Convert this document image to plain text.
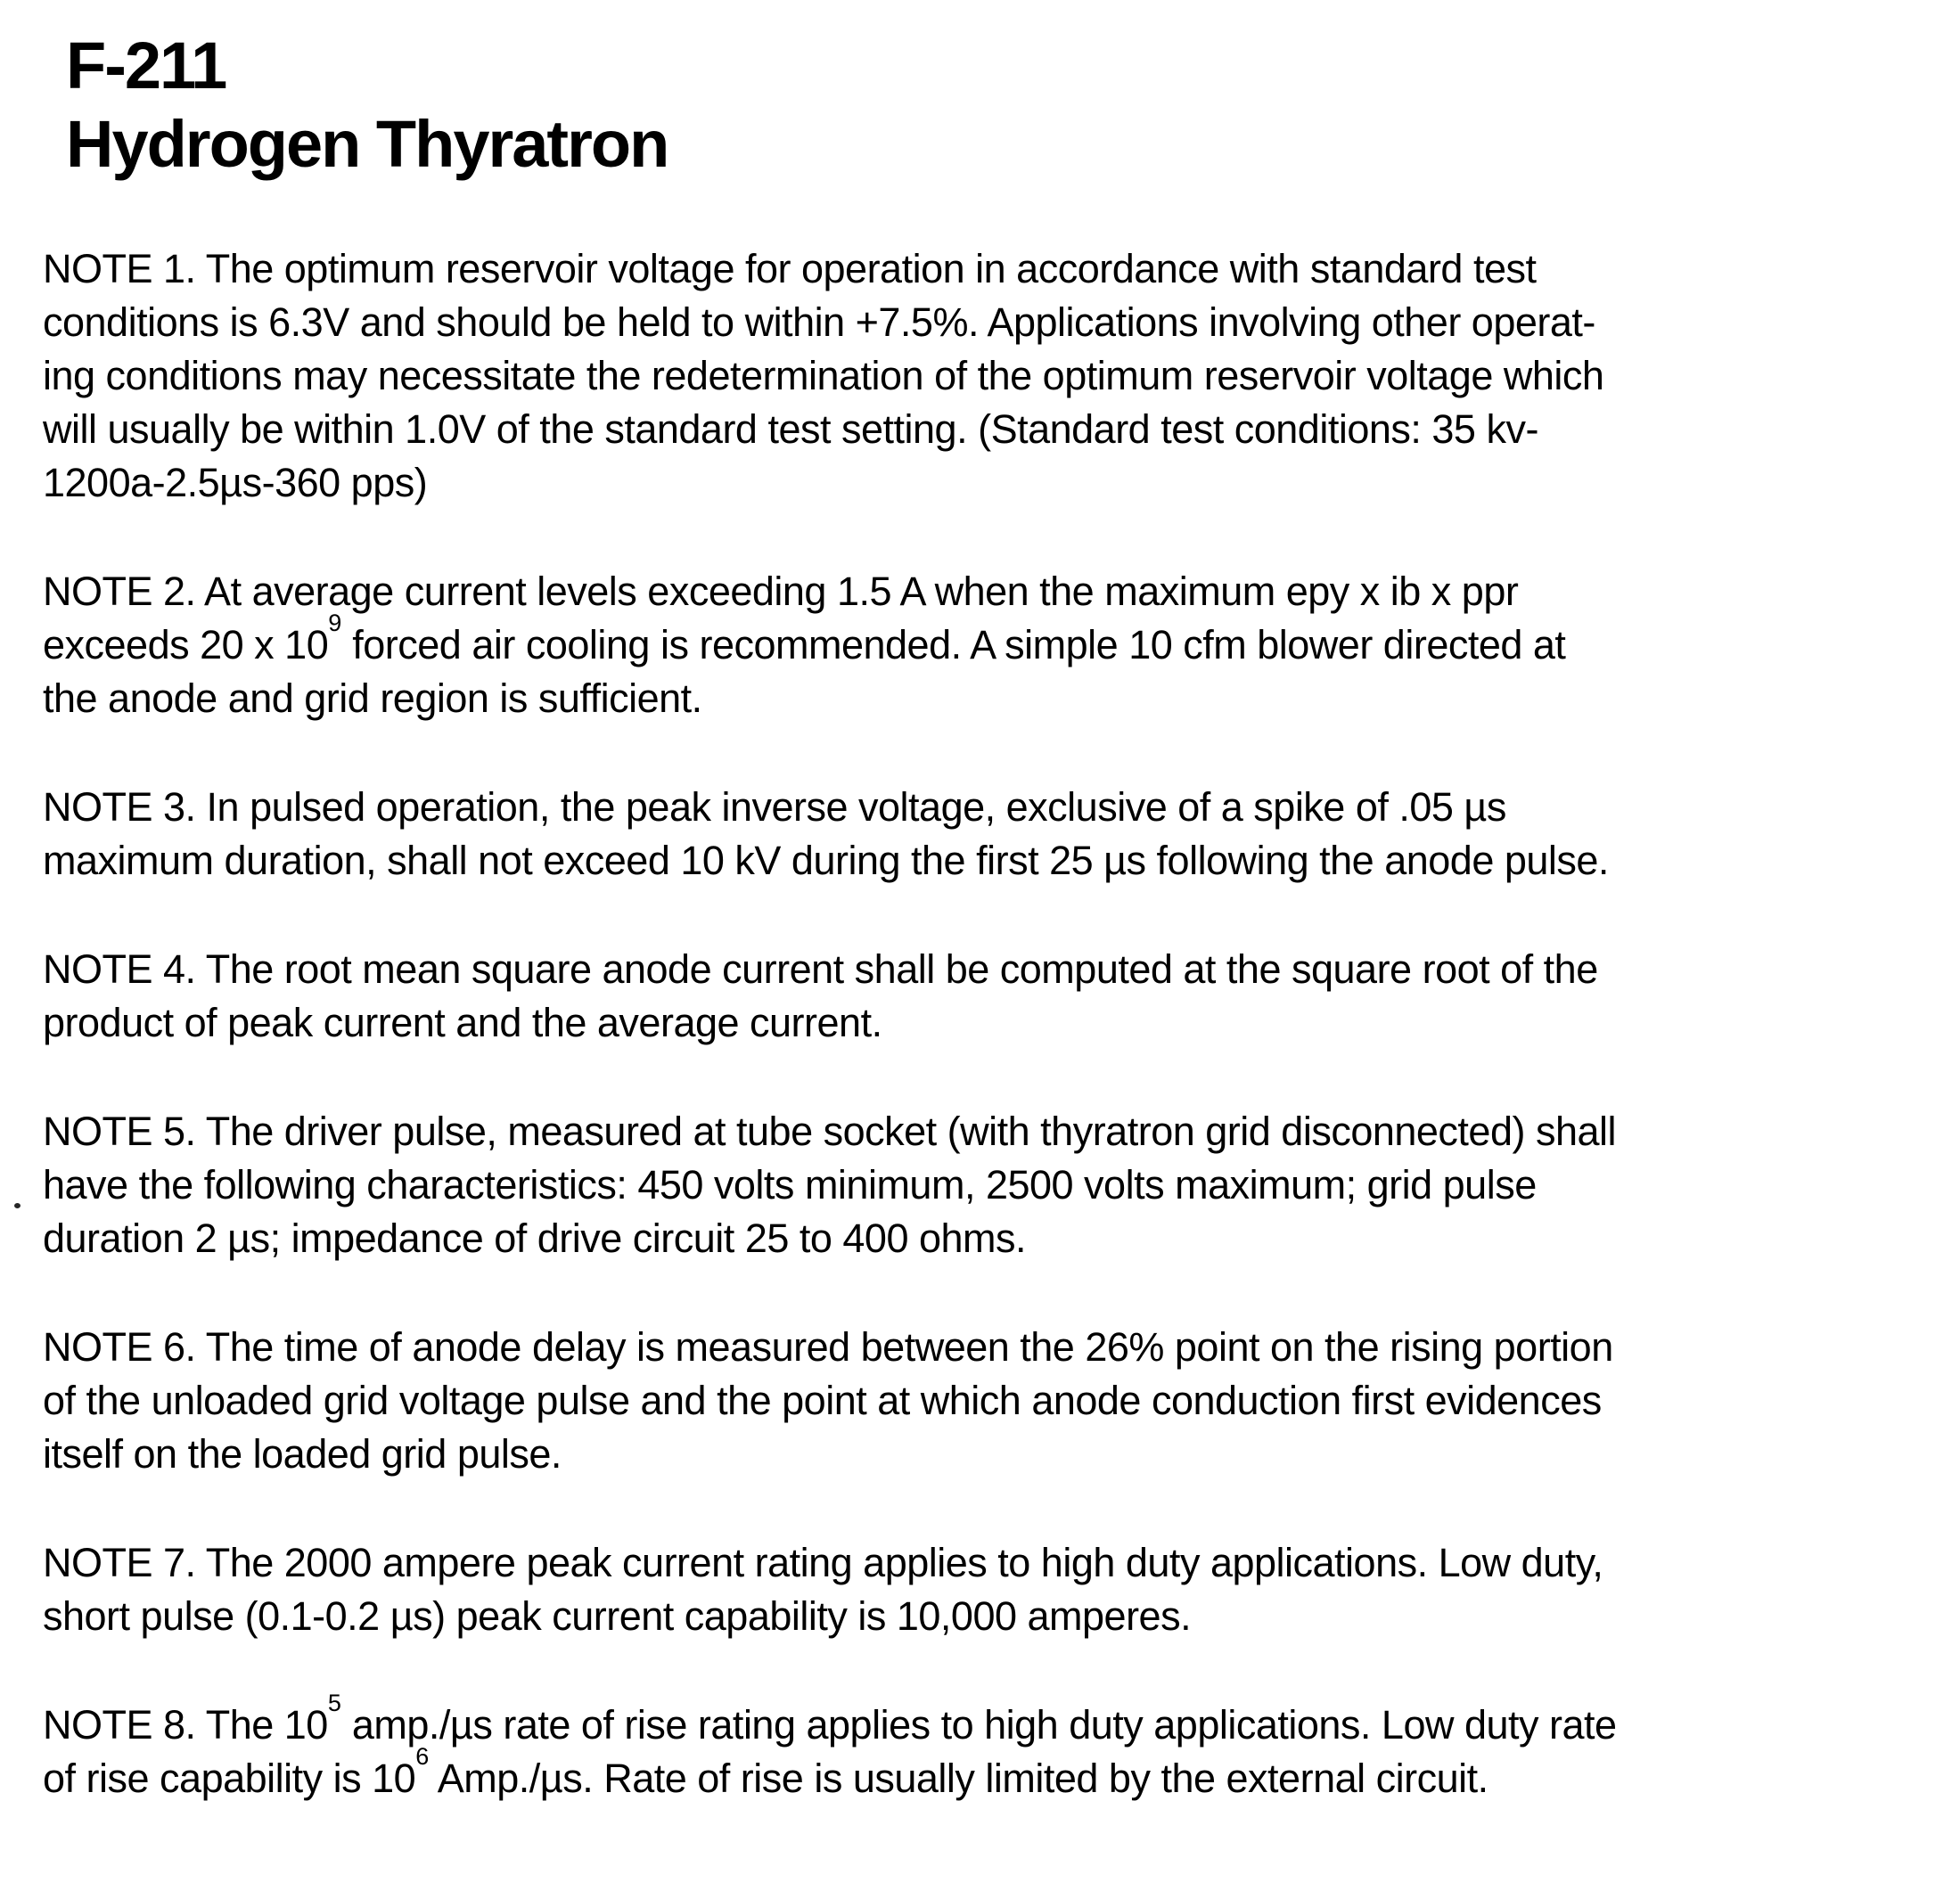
F-211
Hydrogen Thyratron

NOTE 1. The optimum reservoir voltage for operation in accordance with standard test
conditions is 6.3V and should be held to within +7.5%. Applications involving other operat-
ing conditions may necessitate the redetermination of the optimum reservoir voltage which
will usually be within 1.0V of the standard test setting. (Standard test conditions: 35 kv-
1200a-2.5µs-360 pps)

NOTE 2. At average current levels exceeding 1.5 A when the maximum epy x ib x ppr
exceeds 20 x $10^9$ forced air cooling is recommended. A simple 10 cfm blower directed at
the anode and grid region is sufficient.

NOTE 3. In pulsed operation, the peak inverse voltage, exclusive of a spike of .05 µs
maximum duration, shall not exceed 10 kV during the first 25 µs following the anode pulse.

NOTE 4. The root mean square anode current shall be computed at the square root of the
product of peak current and the average current.

NOTE 5. The driver pulse, measured at tube socket (with thyratron grid disconnected) shall
have the following characteristics: 450 volts minimum, 2500 volts maximum; grid pulse
duration 2 µs; impedance of drive circuit 25 to 400 ohms.

NOTE 6. The time of anode delay is measured between the 26% point on the rising portion
of the unloaded grid voltage pulse and the point at which anode conduction first evidences
itself on the loaded grid pulse.

NOTE 7. The 2000 ampere peak current rating applies to high duty applications. Low duty,
short pulse (0.1-0.2 µs) peak current capability is 10,000 amperes.

NOTE 8. The $10^5$ amp./µs rate of rise rating applies to high duty applications. Low duty rate
of rise capability is $10^6$ Amp./µs. Rate of rise is usually limited by the external circuit.
